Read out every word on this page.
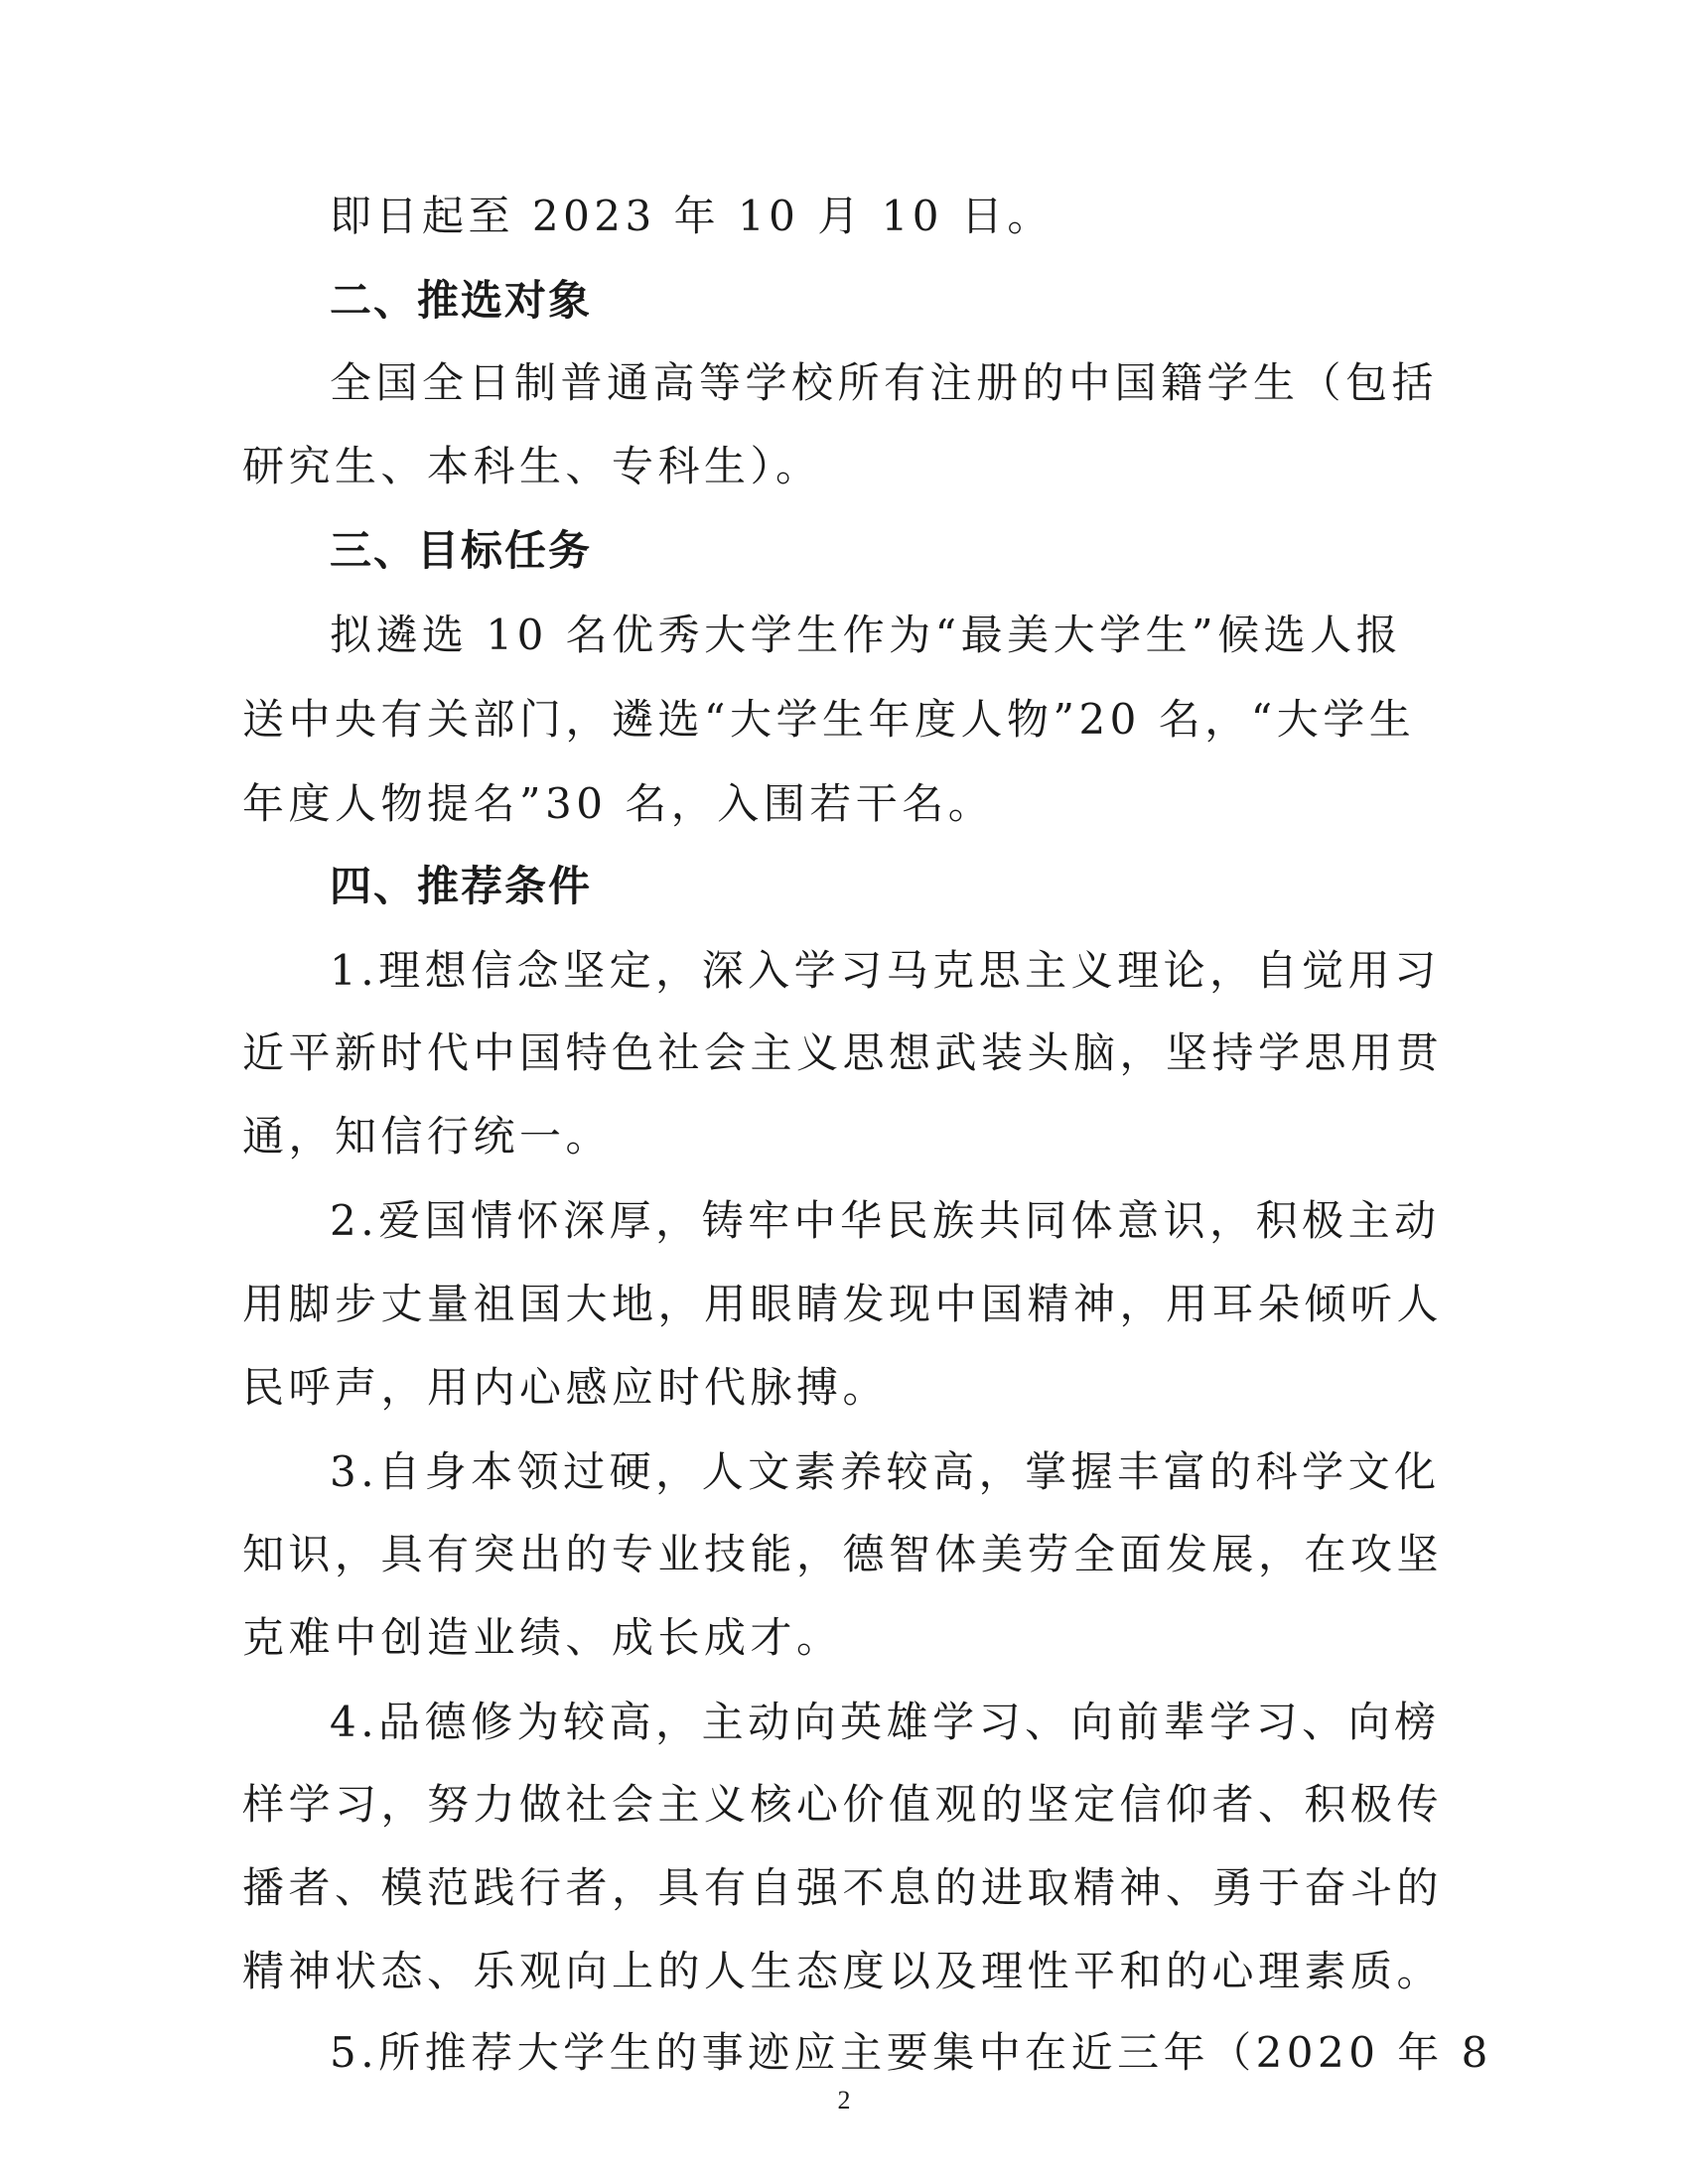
即日起至 2023 年 10 月 10 日。

二、推选对象

全国全日制普通高等学校所有注册的中国籍学生（包括

研究生、本科生、专科生）。

三、目标任务

拟遴选 10 名优秀大学生作为“最美大学生”候选人报

送中央有关部门，遴选“大学生年度人物”20 名，“大学生

年度人物提名”30 名，入围若干名。

四、推荐条件

1.理想信念坚定，深入学习马克思主义理论，自觉用习

近平新时代中国特色社会主义思想武装头脑，坚持学思用贯

通，知信行统一。

2.爱国情怀深厚，铸牢中华民族共同体意识，积极主动

用脚步丈量祖国大地，用眼睛发现中国精神，用耳朵倾听人

民呼声，用内心感应时代脉搏。

3.自身本领过硬，人文素养较高，掌握丰富的科学文化

知识，具有突出的专业技能，德智体美劳全面发展，在攻坚

克难中创造业绩、成长成才。

4.品德修为较高，主动向英雄学习、向前辈学习、向榜

样学习，努力做社会主义核心价值观的坚定信仰者、积极传

播者、模范践行者，具有自强不息的进取精神、勇于奋斗的

精神状态、乐观向上的人生态度以及理性平和的心理素质。

5.所推荐大学生的事迹应主要集中在近三年（2020 年 8

2
